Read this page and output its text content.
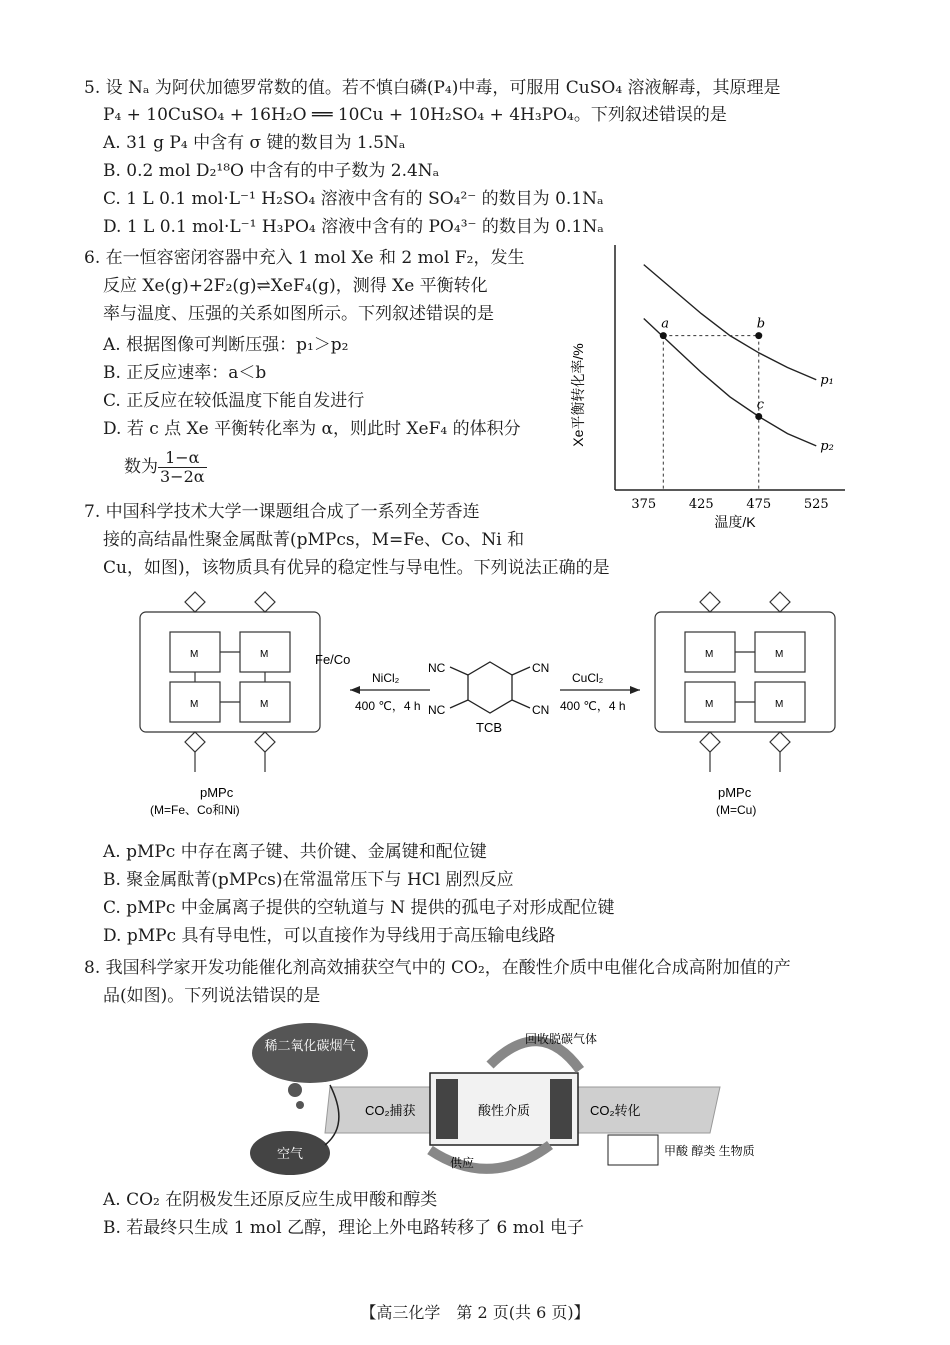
5. 设 Nₐ 为阿伏加德罗常数的值。若不慎白磷(P₄)中毒，可服用 CuSO₄ 溶液解毒，其原理是
P₄ + 10CuSO₄ + 16H₂O ══ 10Cu + 10H₂SO₄ + 4H₃PO₄。下列叙述错误的是
A. 31 g P₄ 中含有 σ 键的数目为 1.5Nₐ
B. 0.2 mol D₂¹⁸O 中含有的中子数为 2.4Nₐ
C. 1 L 0.1 mol·L⁻¹ H₂SO₄ 溶液中含有的 SO₄²⁻ 的数目为 0.1Nₐ
D. 1 L 0.1 mol·L⁻¹ H₃PO₄ 溶液中含有的 PO₄³⁻ 的数目为 0.1Nₐ
6. 在一恒容密闭容器中充入 1 mol Xe 和 2 mol F₂，发生
反应 Xe(g)+2F₂(g)⇌XeF₄(g)，测得 Xe 平衡转化
率与温度、压强的关系如图所示。下列叙述错误的是
A. 根据图像可判断压强：p₁＞p₂
B. 正反应速率：a＜b
C. 正反应在较低温度下能自发进行
D. 若 c 点 Xe 平衡转化率为 α，则此时 XeF₄ 的体积分
数为 $\frac{1-\alpha}{3-2\alpha}$
p₁
p₂
a	b
c
375	425	475	525
Xe平衡转化率/%
温度/K
7. 中国科学技术大学一课题组合成了一系列全芳香连
接的高结晶性聚金属酞菁(pMPcs，M=Fe、Co、Ni 和
Cu，如图)，该物质具有优异的稳定性与导电性。下列说法正确的是
M	M
M	M
Fe/Co
pMPc
(M=Fe、Co和Ni)
NiCl₂
400 ℃，4 h
NC
NC
CN
CN
TCB
CuCl₂
400 ℃，4 h
M	M
M	M
pMPc
(M=Cu)
A. pMPc 中存在离子键、共价键、金属键和配位键
B. 聚金属酞菁(pMPcs)在常温常压下与 HCl 剧烈反应
C. pMPc 中金属离子提供的空轨道与 N 提供的孤电子对形成配位键
D. pMPc 具有导电性，可以直接作为导线用于高压输电线路
8. 我国科学家开发功能催化剂高效捕获空气中的 CO₂，在酸性介质中电催化合成高附加值的产
品(如图)。下列说法错误的是
稀二氧化碳烟气
CO₂捕获	酸性介质	CO₂转化
回收脱碳气体
供应
空气	甲酸 醇类 生物质
A. CO₂ 在阴极发生还原反应生成甲酸和醇类
B. 若最终只生成 1 mol 乙醇，理论上外电路转移了 6 mol 电子
【高三化学　第 2 页(共 6 页)】
